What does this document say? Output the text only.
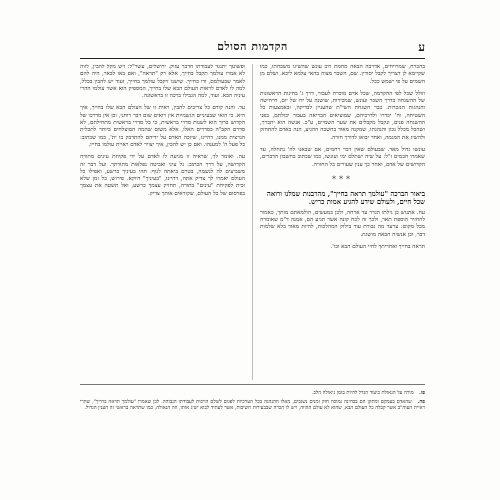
ע
הקדמות הסולם

בהכרח, שמרויחים, אדרבה הבאה מחמת רוב עונש שהשיגו משכחתו, כמו שקיימא לן דצריך לקבל יסורין. שם, השכר מצוה בהאי עלמא ליכא. ושלם מן השמים על פי ישמש ככל.

וזולל שכל לפי ההקדמה, שכל אדם מוכרח לעבור, דרך ג' בחינות הראשונות של ההשגחה בדרך השכר ועונש, שמכירות, שושנה על ידו של יום, דרחישה והנהגות הנזכרות. כבר השגחת השי"ת שהעניין לבדיקה, ובאמצעות כל השטיחה, וה' יכדרו ולדרכיהם, שמוציאים הבריאה בעבור יכולתם, בפני ההשגחה פנים, ונקבל מקבלים את שער השמיים, ע"כ. אנשה הוא יתברך, ושהכל מכלל נכון והנהגתו, שמקנה מאוד בחשכה ההגיע, הנה כאדם להתחזק ולהשיג את המגמה, ואחר יבואו לדורך חזרה.

עונשו גדול מאד. שבעולם שאין דבר רחמים, אם שבאנו לה' נתחלה, עד שאמרו חכמים ז"ל: על שיה ישתלם ימי ועונשו, כמו שכתוב בחשבון הדברים, הקדושים של אדם, ואחר כך ענין שעורים כל החזרה.

***
ביאור הברכה "עולמך תראה בחייך", מהרבנות שמלנו ורואה שכל חיים, ולעולם שידע להגיע אמות כריש.

עח. אתנוש כן גילתו הגדר עד ארחה, ולכן כמעשים, הולמאתם מותך, כאמור להחזיר הוספת תאר, ולכך זה לכח קונה אשר תגיע הם, אמנה ד"מ שאומרה מכל מקום: ערעד מה גבורת עוד בילוק המהלכות, להיות מאוד בלא שלמות דבר, וכן אנשיה הבאה מושגת.

תראה בחייך ואחריתך לחיי העולם הבא וכו'.

ופשוטך יתנגד לעבודתו הדבר עזוק. ירושלים, עשר"ל: ויש מקל להבין, לזוה לא אמרו עולמך תקבל בחייך, אלא רק "תראה", ואם באו לבאר, היה להם לאמר שבעולמם, ודו בחייך. שישנו זיקבל עולמך בחייך, זעוד יש להבין בכלל, למה לו לאדם לראות העולם הבא שלו בחייך, המספיק הוא אשר עולמו ההרי עיניה הבא. ועוד, למה הגבילו ברכה זו בראשונה.

עד. והנה קודם כל צריכים להבין, ראית זו של העולם הבא שלו בחייך, איך היא. כי הואי שבעיניים הגשמיות אין רואים שום דבר רוחני, וכן אין מדרכו של הקדוש ברוך הוא לשנות סדרי בראשית, כי כל סדרי בראשית מתחילתם, לא סדרם הקב"ה בסדרים האלו, אלא משום שהמה המוצלחים ביותר לתכלית הנרצית ממנו, דהיינו, שיזכה האדם על ידיהם להתדבק בו ית', כמו שכתוב: כל פעל ה' למענהו. ואם כן יש להבין, איך יצויר לאדם ראיית עולמו בחייו.

עה. ואומר לך, שראיה זו מגיעה לו לאדם על ידי פקיחת עינים מתורה הקדושה, על דרך הכתוב: גל עיני ואביטה נפלאות מתורתך. ועל דבר זה משביעים לה לנשמה, בטרם ביאתה לגוף: תהי בעיניך כרשע, ואפילו כל העולם יאמרו לך צדיק אתה, דהיינו, "בעיניך" דווקא. פירוש, כל זמן שלא זכית לפקיחת "עינים" בתורה, תחזיק עצמך כרשע, ואל תשטה את עצמך בפרסום של כל העולם, שקוראים אותך צדיק.

פז. מורה על הנאולת ביעוד הגדל להיות בזמן גיאולה הלב.

פח. שהאדם בעמקם ומתקן הם בבחינה נמוכה חזק זמנים נשגבים, מאלו ההנהגה בכל הערכיות לפגום לשלם הויכות לעבודתו הגבוהה. לכן שאמרו "עולמך תראה בחייך", שהרי ראיית העוה"ב אשר קבלה כל העולם הבא, שהוא לא עולם ההווה, ויש לו הכרה שבבעירות חשיבות, אשר לעתיד לבוא ישיג אותו, וזה הנאולה, כמו שתראה בראשי זה הענין הגדול.
